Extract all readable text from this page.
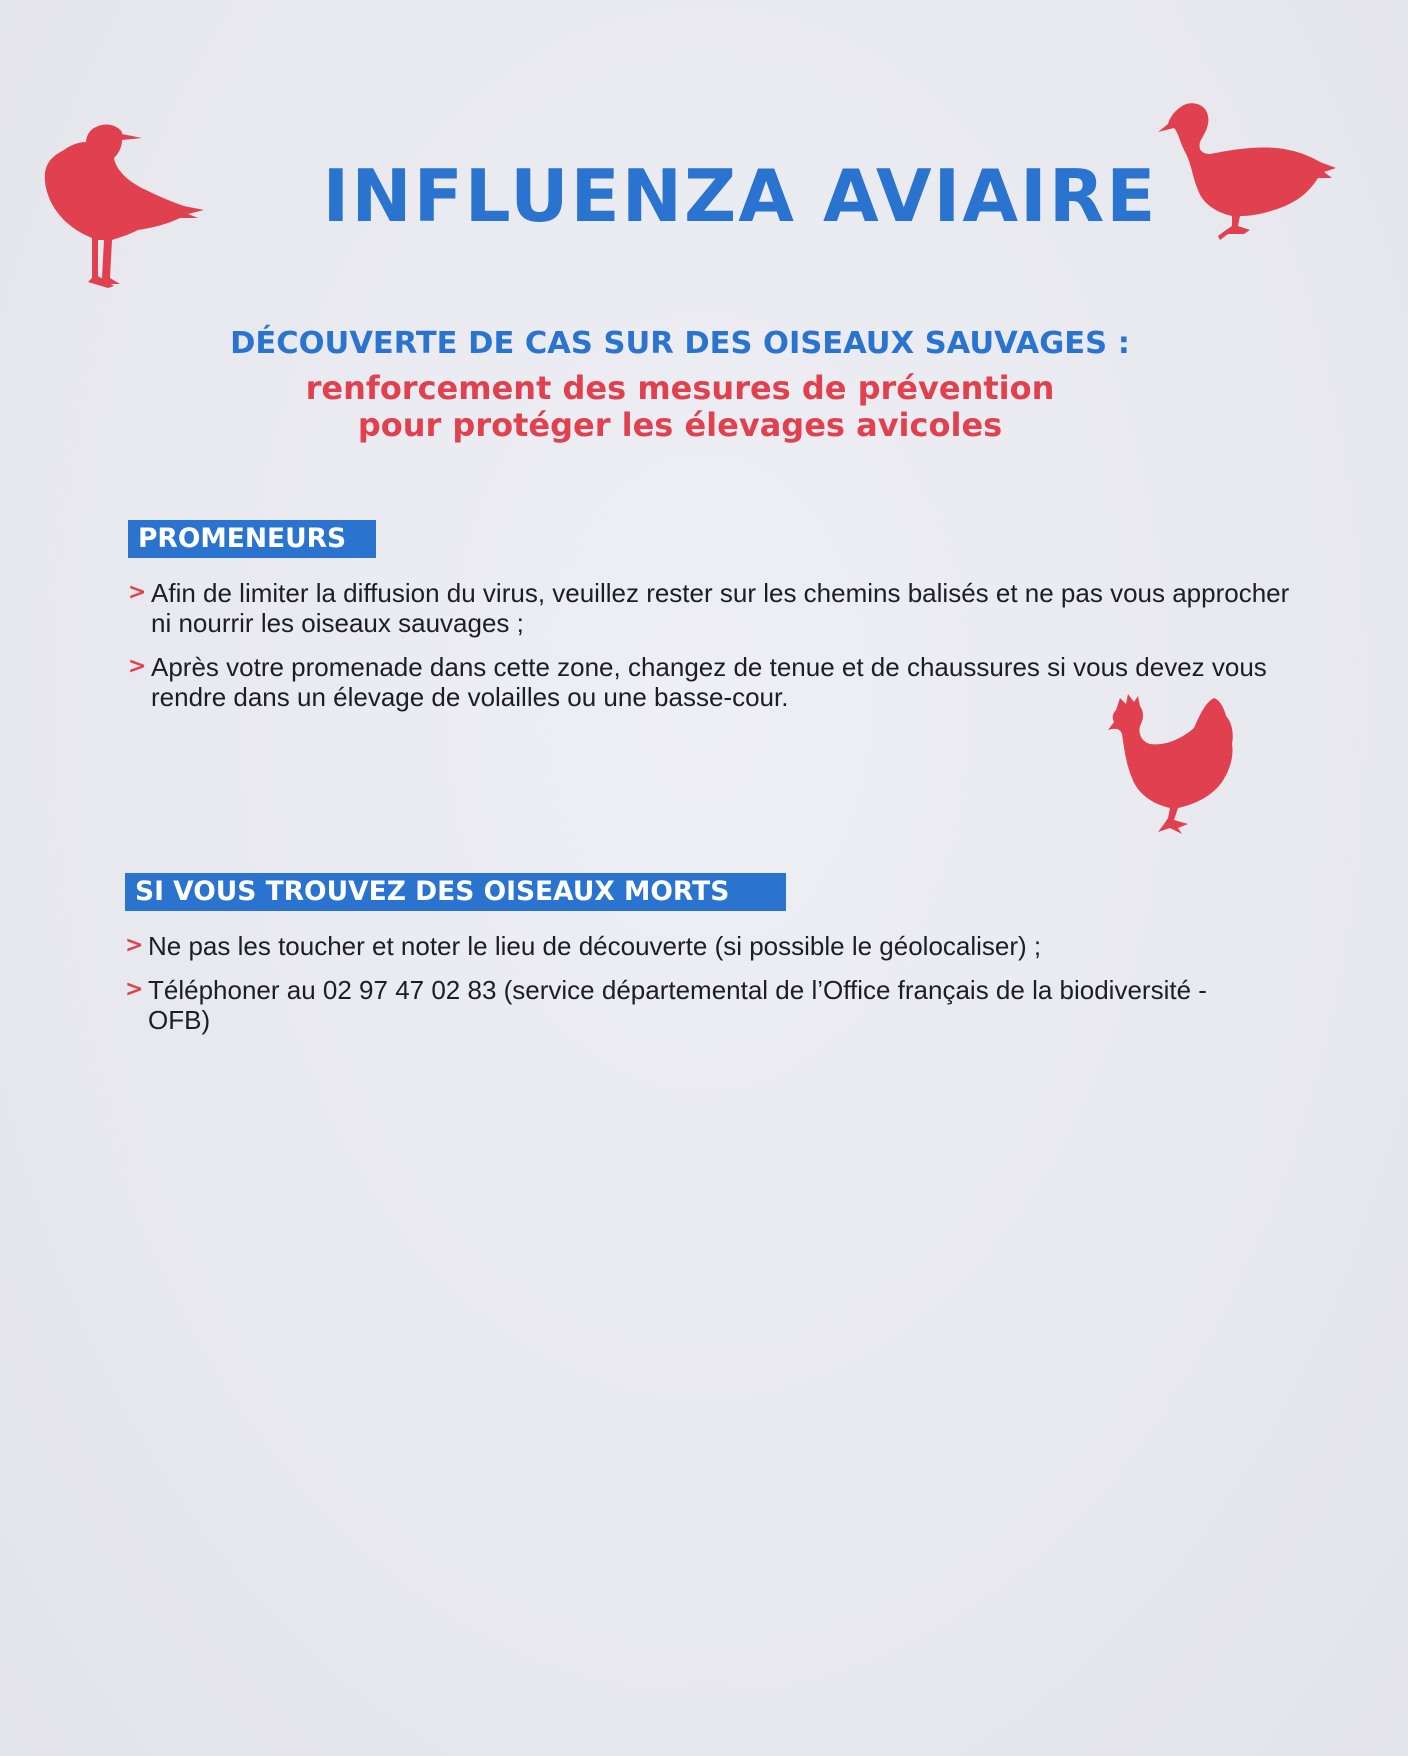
INFLUENZA AVIAIRE
DÉCOUVERTE DE CAS SUR DES OISEAUX SAUVAGES :
renforcement des mesures de prévention
pour protéger les élevages avicoles
PROMENEURS
> Afin de limiter la diffusion du virus, veuillez rester sur les chemins balisés et ne pas vous approcher
ni nourrir les oiseaux sauvages ;
> Après votre promenade dans cette zone, changez de tenue et de chaussures si vous devez vous
rendre dans un élevage de volailles ou une basse-cour.
SI VOUS TROUVEZ DES OISEAUX MORTS
> Ne pas les toucher et noter le lieu de découverte (si possible le géolocaliser) ;
> Téléphoner au 02 97 47 02 83 (service départemental de l’Office français de la biodiversité -
OFB)
